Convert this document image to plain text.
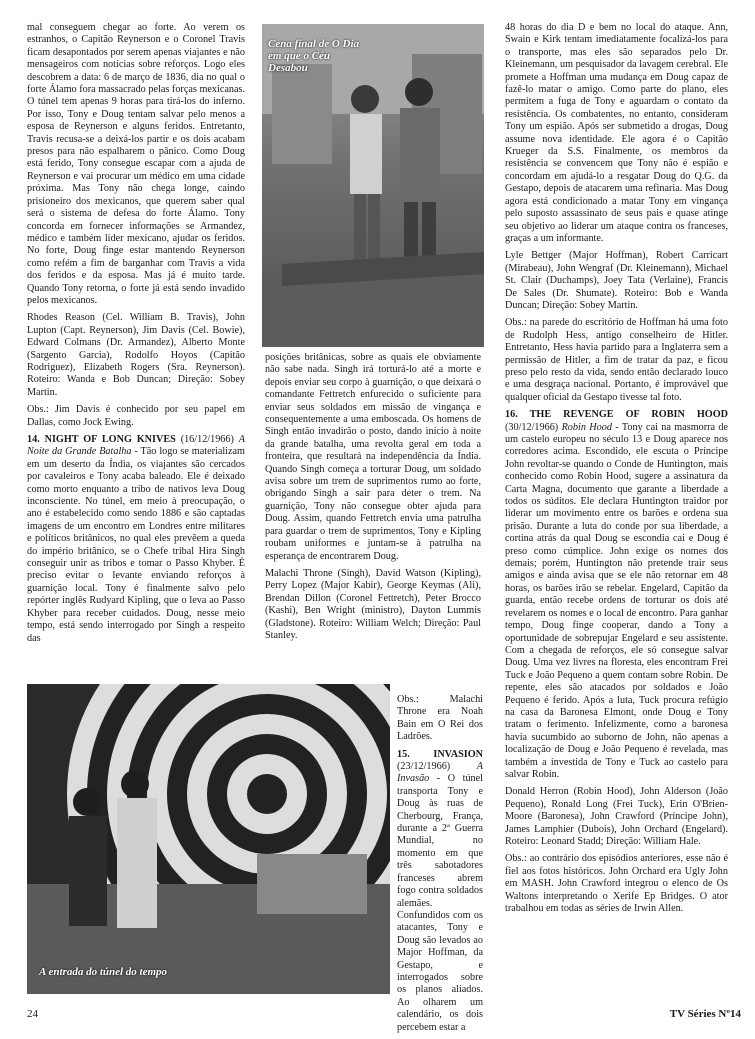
mal conseguem chegar ao forte. Ao verem os estranhos, o Capitão Reynerson e o Coronel Travis ficam desapontados por serem apenas viajantes e não mensageiros com notícias sobre reforços. Logo eles descobrem a data: 6 de março de 1836, dia no qual o forte Álamo fora massacrado pelas forças mexicanas. O túnel tem apenas 9 horas para tirá-los do inferno. Por isso, Tony e Doug tentam salvar pelo menos a esposa de Reynerson e alguns feridos. Entretanto, Travis recusa-se a deixá-los partir e os dois acabam presos para não espalharem o pânico. Como Doug está ferido, Tony consegue escapar com a ajuda de Reynerson e vai procurar um médico em uma cidade próxima. Mas Tony não chega longe, caindo prisioneiro dos mexicanos, que querem saber qual será o sistema de defesa do forte Álamo. Tony concorda em fornecer informações se Armandez, médico e também líder mexicano, ajudar os feridos. No forte, Doug finge estar mantendo Reynerson como refém a fim de barganhar com Travis a vida dos feridos e da esposa. Mas já é muito tarde. Quando Tony retorna, o forte já está sendo invadido pelos mexicanos.

Rhodes Reason (Cel. William B. Travis), John Lupton (Capt. Reynerson), Jim Davis (Cel. Bowie), Edward Colmans (Dr. Armandez), Alberto Monte (Sargento Garcia), Rodolfo Hoyos (Capitão Rodriguez), Elizabeth Rogers (Sra. Reynerson). Roteiro: Wanda e Bob Duncan; Direção: Sobey Martin.

Obs.: Jim Davis é conhecido por seu papel em Dallas, como Jock Ewing.

14. NIGHT OF LONG KNIVES (16/12/1966) A Noite da Grande Batalha - Tão logo se materializam em um deserto da Índia, os viajantes são cercados por cavaleiros e Tony acaba baleado. Ele é deixado como morto enquanto a tribo de nativos leva Doug inconsciente. No túnel, em meio à preocupação, o ano é estabelecido como sendo 1886 e são captadas imagens de um encontro em Londres entre militares e políticos britânicos, no qual eles prevêem a queda do império britânico, se o Chefe tribal Hira Singh conseguir unir as tribos e tomar o Passo Khyber. É preciso evitar o levante enviando reforços à guarnição local. Tony é finalmente salvo pelo repórter inglês Rudyard Kipling, que o leva ao Passo Khyber para receber cuidados. Doug, nesse meio tempo, está sendo interrogado por Singh a respeito das

Cena final de O Dia em que o Céu Desabou

posições britânicas, sobre as quais ele obviamente não sabe nada. Singh irá torturá-lo até a morte e depois enviar seu corpo à guarnição, o que deixará o comandante Fettretch enfurecido o suficiente para enviar seus soldados em missão de vingança e consequentemente a uma emboscada. Os homens de Singh então invadirão o posto, dando início à noite da grande batalha, uma revolta geral em toda a fronteira, que resultará na independência da Índia. Quando Singh começa a torturar Doug, um soldado avisa sobre um trem de suprimentos rumo ao forte, obrigando Singh a sair para deter o trem. Na guarnição, Tony não consegue obter ajuda para Doug. Assim, quando Fettretch envia uma patrulha para guardar o trem de suprimentos, Tony e Kipling roubam uniformes e juntam-se à patrulha na esperança de encontrarem Doug.

Malachi Throne (Singh), David Watson (Kipling), Perry Lopez (Major Kabir), George Keymas (Ali), Brendan Dillon (Coronel Fettretch), Peter Brocco (Kashi), Ben Wright (ministro), Dayton Lummis (Gladstone). Roteiro: William Welch; Direção: Paul Stanley.

A entrada do túnel do tempo

Obs.: Malachi Throne era Noah Bain em O Rei dos Ladrões.

15. INVASION (23/12/1966) A Invasão - O túnel transporta Tony e Doug às ruas de Cherbourg, França, durante a 2ª Guerra Mundial, no momento em que três sabotadores franceses abrem fogo contra soldados alemães. Confundidos com os atacantes, Tony e Doug são levados ao Major Hoffman, da Gestapo, e interrogados sobre os planos aliados. Ao olharem um calendário, os dois percebem estar a

48 horas do dia D e bem no local do ataque. Ann, Swain e Kirk tentam imediatamente focalizá-los para o transporte, mas eles são separados pelo Dr. Kleinemann, um pesquisador da lavagem cerebral. Ele promete a Hoffman uma mudança em Doug capaz de fazê-lo matar o amigo. Como parte do plano, eles permitem a fuga de Tony e aguardam o contato da resistência. Os combatentes, no entanto, consideram Tony um espião. Após ser submetido a drogas, Doug assume nova identidade. Ele agora é o Capitão Krueger da S.S. Finalmente, os membros da resistência se convencem que Tony não é espião e concordam em ajudá-lo a resgatar Doug do Q.G. da Gestapo, depois de atacarem uma refinaria. Mas Doug agora está condicionado a matar Tony em vingança pelo suposto assassinato de seus pais e quase atinge seu objetivo ao liderar um ataque contra os franceses, graças a um informante.

Lyle Bettger (Major Hoffman), Robert Carricart (Mirabeau), John Wengraf (Dr. Kleinemann), Michael St. Clair (Duchamps), Joey Tata (Verlaine), Francis De Sales (Dr. Shumate). Roteiro: Bob e Wanda Duncan; Direção: Sobey Martin.

Obs.: na parede do escritório de Hoffman há uma foto de Rudolph Hess, antigo conselheiro de Hitler. Entretanto, Hess havia partido para a Inglaterra sem a permissão de Hitler, a fim de tratar da paz, e ficou preso pelo resto da vida, sendo então declarado louco e uma desgraça nacional. Portanto, é improvável que qualquer oficial da Gestapo tivesse tal foto.

16. THE REVENGE OF ROBIN HOOD (30/12/1966) Robin Hood - Tony cai na masmorra de um castelo europeu no século 13 e Doug aparece nos corredores acima. Escondido, ele escuta o Príncipe John revoltar-se quando o Conde de Huntington, mais conhecido como Robin Hood, sugere a assinatura da Carta Magna, documento que garante a liberdade a todos os súditos. Ele declara Huntington traidor por liderar um movimento entre os barões e ordena sua prisão. Durante a luta do conde por sua liberdade, a cortina atrás da qual Doug se escondia cai e Doug é preso como cúmplice. John exige os nomes dos demais; porém, Huntington não pretende trair seus amigos e ainda avisa que se ele não retornar em 48 horas, os barões irão se rebelar. Engelard, Capitão da guarda, então recebe ordens de torturar os dois até revelarem os nomes e o local de encontro. Para ganhar tempo, Doug finge cooperar, dando a Tony a oportunidade de sobrepujar Engelard e seu assistente. Com a chegada de reforços, ele só consegue salvar Doug. Uma vez livres na floresta, eles encontram Frei Tuck e João Pequeno a quem contam sobre Robin. De repente, eles são atacados por soldados e João Pequeno é ferido. Após a luta, Tuck procura refúgio na casa da Baronesa Elmont, onde Doug e Tony tratam o ferimento. Infelizmente, como a baronesa havia sucumbido ao suborno de John, não apenas a localização de Doug e João Pequeno é revelada, mas também a investida de Tony e Tuck ao castelo para salvar Robin.

Donald Herron (Robin Hood), John Alderson (João Pequeno), Ronald Long (Frei Tuck), Erin O'Brien-Moore (Baronesa), John Crawford (Príncipe John), James Lamphier (Dubois), John Orchard (Engelard). Roteiro: Leonard Stadd; Direção: William Hale.

Obs.: ao contrário dos episódios anteriores, esse não é fiel aos fotos históricos. John Orchard era Ugly John em MASH. John Crawford integrou o elenco de Os Waltons interpretando o Xerife Ep Bridges. O ator trabalhou em todas as séries de Irwin Allen.

24	TV Séries Nº14
